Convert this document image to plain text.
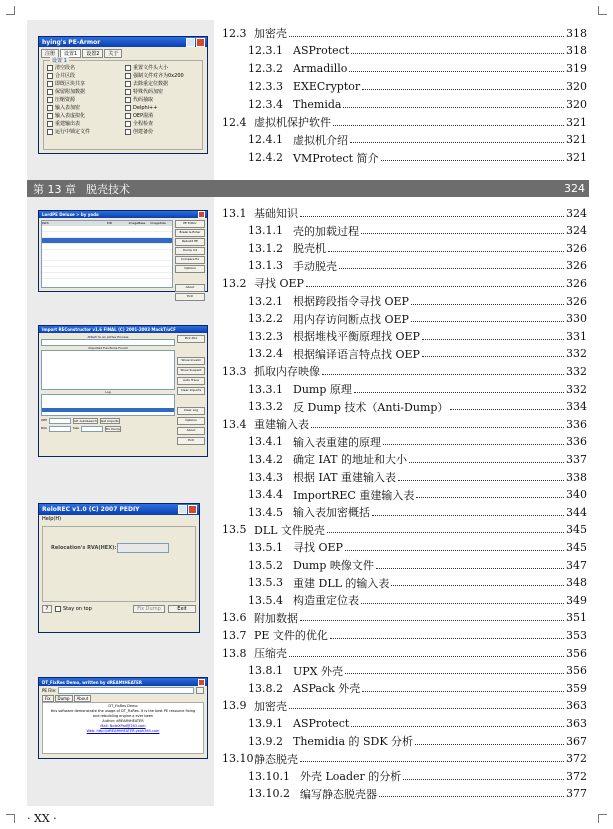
hying's PE-Armor
注册	设置1	设置2	关于
设置 1
清空段名	重置文件头大小
合并区段	强制文件对齐为0x200
即既区块共享	去除重定位数据
保留附加数据	特殊代码加密
压缩资源	代码抽取
输入表加密	Delphi++
输入表虚拟化	OEP混淆
重建输出表	全程检查
运行中锁定文件	创建备份
LordPE Deluxe > by yoda
Path	PID	ImageBase	ImageSize	PE Editor
Break & Enter
Rebuild PE
Dump Int
Compare Ex
Options
About
Exit
Import REConstructor v1.6 FINAL (C) 2001-2003 MackT/uCF
Attach to an Active Process
Imported Functions Found
Log
OEP	IAT AutoSearch	Get Imports
RVA	Size	Fix Dump
Pick DLL
Show Invalid
Show Suspect
Auto Trace
Clear Imports
Clear Log
Options
About
Exit
ReloREC v1.0 (C) 2007 PEDIY
Help(H)
Relocation's RVA(HEX):
?	Stay on top	Fix Dump	Exit
DT_FixRes Demo, written by dREAMtHEATER
PE File:
Fix	Dump	About
DT_FixRes Demo
this software demonstrate the usage of DT_FixRes. it is the best PE resource fixing and rebuilding engine a ever been
Author: dREAMtHEATER
Mail: NoteXPad@163.com
Web: http://dREAMtHEATER.yeah365.com
12.3 加密壳	318
12.3.1 ASProtect	318
12.3.2 Armadillo	319
12.3.3 EXECryptor	320
12.3.4 Themida	320
12.4 虚拟机保护软件	321
12.4.1 虚拟机介绍	321
12.4.2 VMProtect 简介	321
第 13 章 脱壳技术	324
13.1 基础知识	324
13.1.1 壳的加载过程	324
13.1.2 脱壳机	326
13.1.3 手动脱壳	326
13.2 寻找 OEP	326
13.2.1 根据跨段指令寻找 OEP	326
13.2.2 用内存访问断点找 OEP	330
13.2.3 根据堆栈平衡原理找 OEP	331
13.2.4 根据编译语言特点找 OEP	332
13.3 抓取内存映像	332
13.3.1 Dump 原理	332
13.3.2 反 Dump 技术（Anti-Dump）	334
13.4 重建输入表	336
13.4.1 输入表重建的原理	336
13.4.2 确定 IAT 的地址和大小	337
13.4.3 根据 IAT 重建输入表	338
13.4.4 ImportREC 重建输入表	340
13.4.5 输入表加密概括	344
13.5 DLL 文件脱壳	345
13.5.1 寻找 OEP	345
13.5.2 Dump 映像文件	347
13.5.3 重建 DLL 的输入表	348
13.5.4 构造重定位表	349
13.6 附加数据	351
13.7 PE 文件的优化	353
13.8 压缩壳	356
13.8.1 UPX 外壳	356
13.8.2 ASPack 外壳	359
13.9 加密壳	363
13.9.1 ASProtect	363
13.9.2 Themidia 的 SDK 分析	367
13.10 静态脱壳	372
13.10.1 外壳 Loader 的分析	372
13.10.2 编写静态脱壳器	377
· XX ·
